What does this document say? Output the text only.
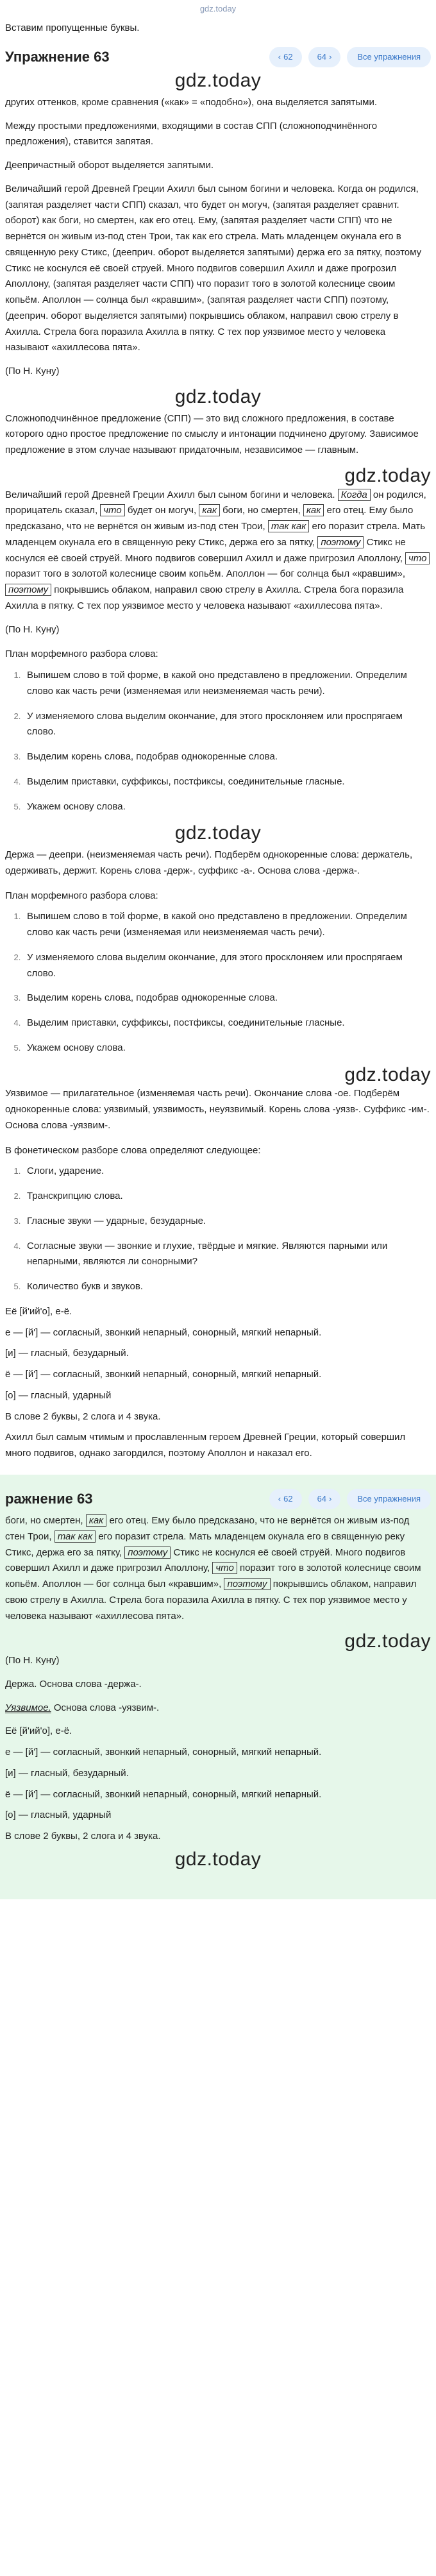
gdz.today

Вставим пропущенные буквы.

Упражнение 63	‹ 62	64 ›	Все упражнения
gdz.today

других оттенков, кроме сравнения («как» = «подобно»), она выделяется запятыми.

Между простыми предложениями, входящими в состав СПП (сложноподчинённого предложения), ставится запятая.

Деепричастный оборот выделяется запятыми.

Величайший герой Древней Греции Ахилл был сыном богини и человека. Когда он родился, (запятая разделяет части СПП) сказал, что будет он могуч, (запятая разделяет сравнит. оборот) как боги, но смертен, как его отец. Ему, (запятая разделяет части СПП) что не вернётся он живым из-под стен Трои, так как его стрела. Мать младенцем окунала его в священную реку Стикс, (дееприч. оборот выделяется запятыми) держа его за пятку, поэтому Стикс не коснулся её своей струей. Много подвигов совершил Ахилл и даже прогрозил Аполлону, (запятая разделяет части СПП) что поразит того в золотой колеснице своим копьём. Аполлон — солнца был «кравшим», (запятая разделяет части СПП) поэтому, (дееприч. оборот выделяется запятыми) покрывшись облаком, направил свою стрелу в Ахилла. Стрела бога поразила Ахилла в пятку. С тех пор уязвимое место у человека называют «ахиллесова пята».

(По Н. Куну)

gdz.today

Сложноподчинённое предложение (СПП) — это вид сложного предложения, в составе которого одно простое предложение по смыслу и интонации подчинено другому. Зависимое предложение в этом случае называют придаточным, независимое — главным.

gdz.today

Величайший герой Древней Греции Ахилл был сыном богини и человека. Когда он родился, прорицатель сказал, что будет он могуч, как боги, но смертен, как его отец. Ему было предсказано, что не вернётся он живым из-под стен Трои, так как его поразит стрела. Мать младенцем окунала его в священную реку Стикс, держа его за пятку, поэтому Стикс не коснулся её своей струёй. Много подвигов совершил Ахилл и даже пригрозил Аполлону, что поразит того в золотой колеснице своим копьём. Аполлон — бог солнца был «кравшим», поэтому покрывшись облаком, направил свою стрелу в Ахилла. Стрела бога поразила Ахилла в пятку. С тех пор уязвимое место у человека называют «ахиллесова пята».

(По Н. Куну)

План морфемного разбора слова:

1. Выпишем слово в той форме, в какой оно представлено в предложении. Определим слово как часть речи (изменяемая или неизменяемая часть речи).
2. У изменяемого слова выделим окончание, для этого просклоняем или проспрягаем слово.
3. Выделим корень слова, подобрав однокоренные слова.
4. Выделим приставки, суффиксы, постфиксы, соединительные гласные.
5. Укажем основу слова.
gdz.today

Держа — деепри. (неизменяемая часть речи). Подберём однокоренные слова: держатель, одерживать, держит. Корень слова -держ-, суффикс -а-. Основа слова -держа-.

План морфемного разбора слова:

1. Выпишем слово в той форме, в какой оно представлено в предложении. Определим слово как часть речи (изменяемая или неизменяемая часть речи).
2. У изменяемого слова выделим окончание, для этого просклоняем или проспрягаем слово.
3. Выделим корень слова, подобрав однокоренные слова.
4. Выделим приставки, суффиксы, постфиксы, соединительные гласные.
5. Укажем основу слова.
gdz.today

Уязвимое — прилагательное (изменяемая часть речи). Окончание слова -ое. Подберём однокоренные слова: уязвимый, уязвимость, неуязвимый. Корень слова -уязв-. Суффикс -им-. Основа слова -уязвим-.

В фонетическом разборе слова определяют следующее:

1. Слоги, ударение.
2. Транскрипцию слова.
3. Гласные звуки — ударные, безударные.
4. Согласные звуки — звонкие и глухие, твёрдые и мягкие. Являются парными или непарными, являются ли сонорными?
5. Количество букв и звуков.

Её [й'ий'о], е-ё.

е — [й'] — согласный, звонкий непарный, сонорный, мягкий непарный.

[и] — гласный, безударный.

ё — [й'] — согласный, звонкий непарный, сонорный, мягкий непарный.

[о] — гласный, ударный

В слове 2 буквы, 2 слога и 4 звука.

Ахилл был самым чтимым и прославленным героем Древней Греции, который совершил много подвигов, однако загордился, поэтому Аполлон и наказал его.

ражнение 63	‹ 62	64 ›	Все упражнения

боги, но смертен, как его отец. Ему было предсказано, что не вернётся он живым из-под стен Трои, так как его поразит стрела. Мать младенцем окунала его в священную реку Стикс, держа его за пятку, поэтому Стикс не коснулся её своей струёй. Много подвигов совершил Ахилл и даже пригрозил Аполлону, что поразит того в золотой колеснице своим копьём. Аполлон — бог солнца был «кравшим», поэтому покрывшись облаком, направил свою стрелу в Ахилла. Стрела бога поразила Ахилла в пятку. С тех пор уязвимое место у человека называют «ахиллесова пята».

gdz.today

(По Н. Куну)

Держа. Основа слова -держа-.

Уязвимое. Основа слова -уязвим-.

Её [й'ий'о], е-ё.

е — [й'] — согласный, звонкий непарный, сонорный, мягкий непарный.

[и] — гласный, безударный.

ё — [й'] — согласный, звонкий непарный, сонорный, мягкий непарный.

[о] — гласный, ударный

В слове 2 буквы, 2 слога и 4 звука.

gdz.today
